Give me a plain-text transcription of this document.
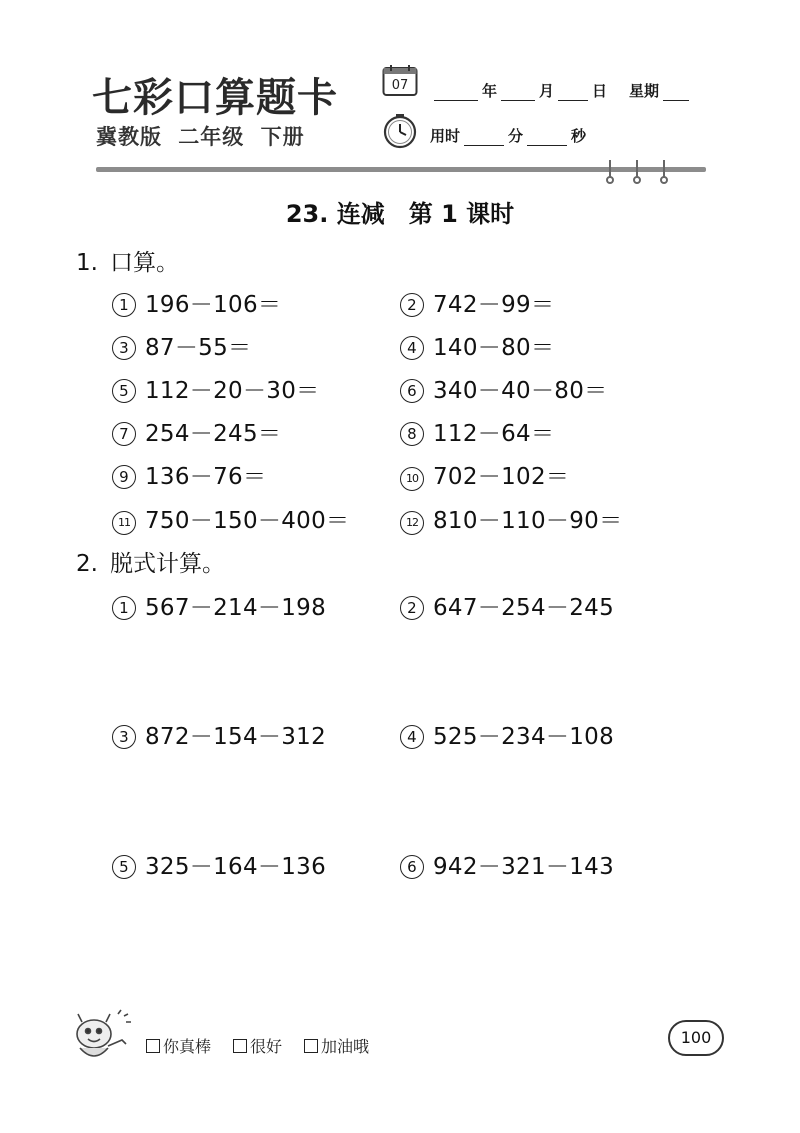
七彩口算题卡
冀教版 二年级 下册
07	年	月	日 星期
用时	分	秒
23. 连减　第 1 课时
1. 口算。
1 196－106＝	2 742－99＝
3 87－55＝	4 140－80＝
5 112－20－30＝	6 340－40－80＝
7 254－245＝	8 112－64＝
9 136－76＝	10 702－102＝
11 750－150－400＝	12 810－110－90＝
2. 脱式计算。
1 567－214－198	2 647－254－245
3 872－154－312	4 525－234－108
5 325－164－136	6 942－321－143
你真棒 很好 加油哦	100
